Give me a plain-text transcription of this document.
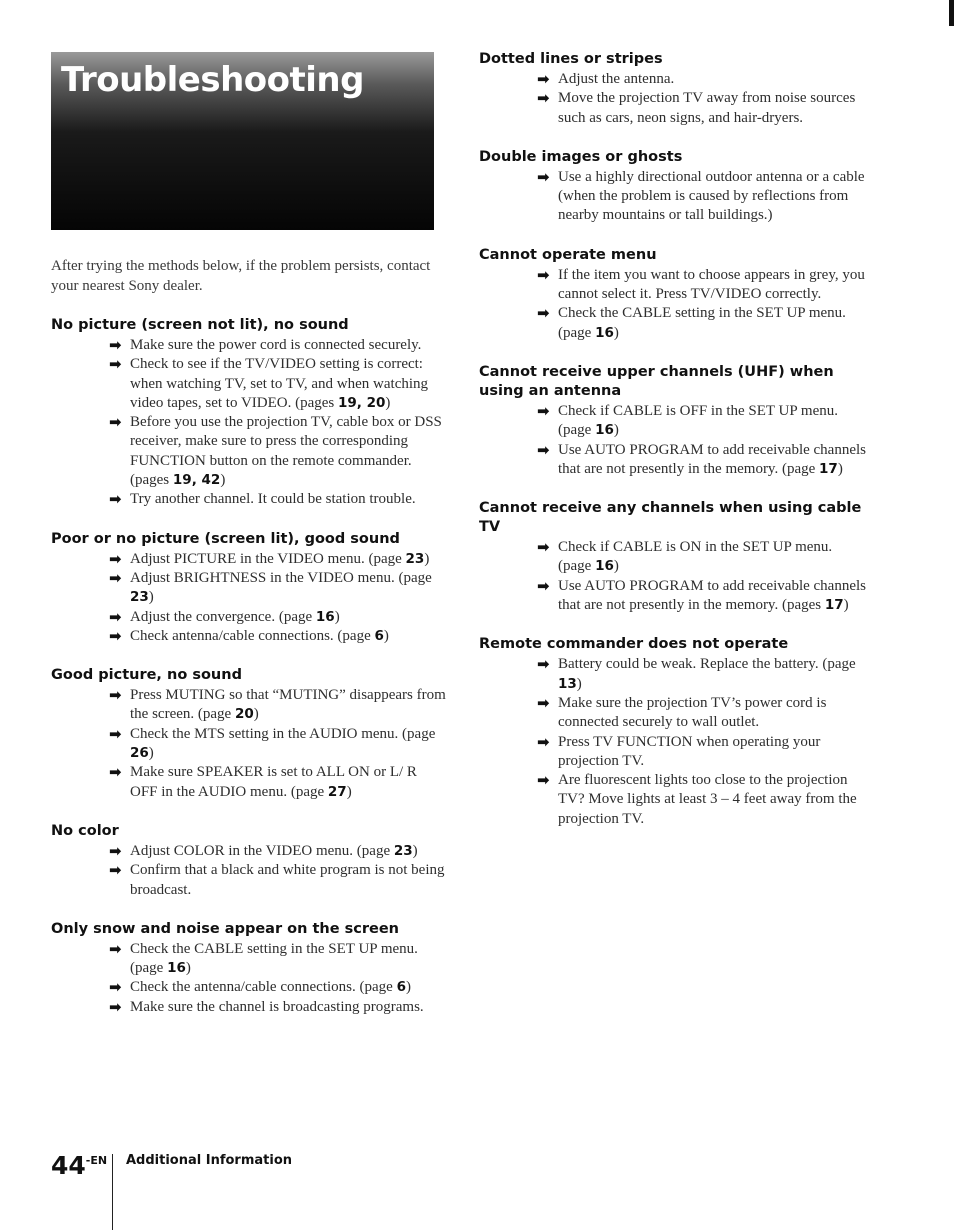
Troubleshooting
After trying the methods below, if the problem persists, contact your nearest Sony dealer.
No picture (screen not lit), no sound
➡ Make sure the power cord is connected securely.
➡ Check to see if the TV/VIDEO setting is correct: when watching TV, set to TV, and when watching video tapes, set to VIDEO. (pages 19, 20)
➡ Before you use the projection TV, cable box or DSS receiver, make sure to press the corresponding FUNCTION button on the remote commander. (pages 19, 42)
➡ Try another channel. It could be station trouble.
Poor or no picture (screen lit), good sound
➡ Adjust PICTURE in the VIDEO menu. (page 23)
➡ Adjust BRIGHTNESS in the VIDEO menu. (page 23)
➡ Adjust the convergence. (page 16)
➡ Check antenna/cable connections. (page 6)
Good picture, no sound
➡ Press MUTING so that “MUTING” disappears from the screen. (page 20)
➡ Check the MTS setting in the AUDIO menu. (page 26)
➡ Make sure SPEAKER is set to ALL ON or L/ R OFF in the AUDIO menu. (page 27)
No color
➡ Adjust COLOR in the VIDEO menu. (page 23)
➡ Confirm that a black and white program is not being broadcast.
Only snow and noise appear on the screen
➡ Check the CABLE setting in the SET UP menu. (page 16)
➡ Check the antenna/cable connections. (page 6)
➡ Make sure the channel is broadcasting programs.
Dotted lines or stripes
➡ Adjust the antenna.
➡ Move the projection TV away from noise sources such as cars, neon signs, and hair-dryers.
Double images or ghosts
➡ Use a highly directional outdoor antenna or a cable (when the problem is caused by reflections from nearby mountains or tall buildings.)
Cannot operate menu
➡ If the item you want to choose appears in grey, you cannot select it. Press TV/VIDEO correctly.
➡ Check the CABLE setting in the SET UP menu. (page 16)
Cannot receive upper channels (UHF) when using an antenna
➡ Check if CABLE is OFF in the SET UP menu. (page 16)
➡ Use AUTO PROGRAM to add receivable channels that are not presently in the memory. (page 17)
Cannot receive any channels when using cable TV
➡ Check if CABLE is ON in the SET UP menu. (page 16)
➡ Use AUTO PROGRAM to add receivable channels that are not presently in the memory. (pages 17)
Remote commander does not operate
➡ Battery could be weak. Replace the battery. (page 13)
➡ Make sure the projection TV’s power cord is connected securely to wall outlet.
➡ Press TV FUNCTION when operating your projection TV.
➡ Are fluorescent lights too close to the projection TV? Move lights at least 3 – 4 feet away from the projection TV.
$44^{-EN}$ Additional Information
